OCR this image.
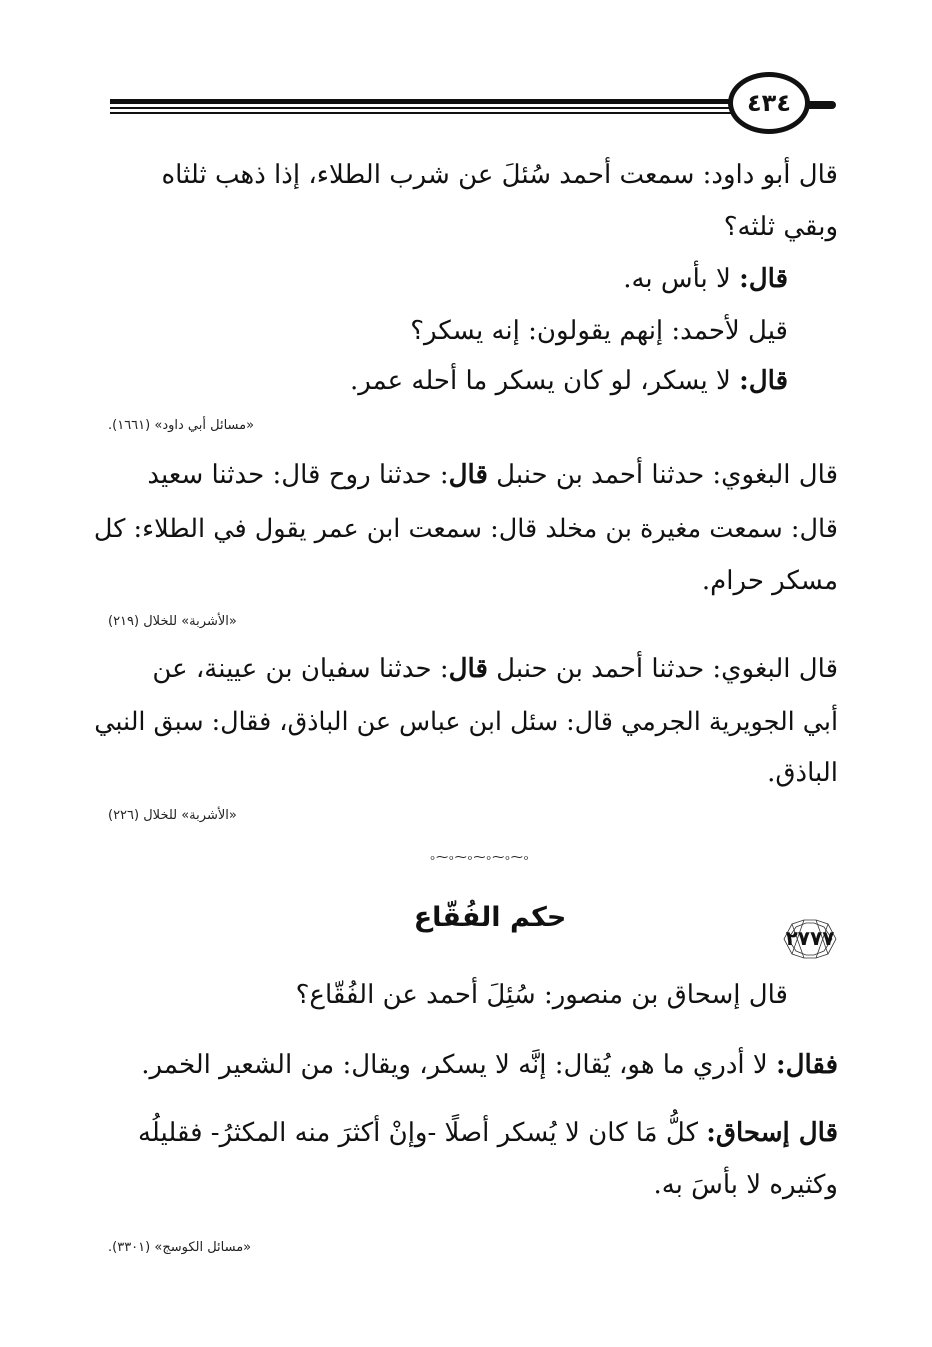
٤٣٤
قال أبو داود: سمعت أحمد سُئلَ عن شرب الطلاء، إذا ذهب ثلثاه
وبقي ثلثه؟
قال: لا بأس به.
قيل لأحمد: إنهم يقولون: إنه يسكر؟
قال: لا يسكر، لو كان يسكر ما أحله عمر.
«مسائل أبي داود» (١٦٦١).
قال البغوي: حدثنا أحمد بن حنبل قال: حدثنا روح قال: حدثنا سعيد
قال: سمعت مغيرة بن مخلد قال: سمعت ابن عمر يقول في الطلاء: كل
مسكر حرام.
«الأشربة» للخلال (٢١٩)
قال البغوي: حدثنا أحمد بن حنبل قال: حدثنا سفيان بن عيينة، عن
أبي الجويرية الجرمي قال: سئل ابن عباس عن الباذق، فقال: سبق النبي
الباذق.
«الأشربة» للخلال (٢٢٦)
৹⁓৹⁓৹⁓৹⁓৹⁓৹
حكم الفُقّاع
٢٧٧٧
قال إسحاق بن منصور: سُئِلَ أحمد عن الفُقّاع؟
فقال: لا أدري ما هو، يُقال: إنَّه لا يسكر، ويقال: من الشعير الخمر.
قال إسحاق: كلُّ مَا كان لا يُسكر أصلًا -وإنْ أكثرَ منه المكثرُ- فقليلُه
وكثيره لا بأسَ به.
«مسائل الكوسج» (٣٣٠١).
